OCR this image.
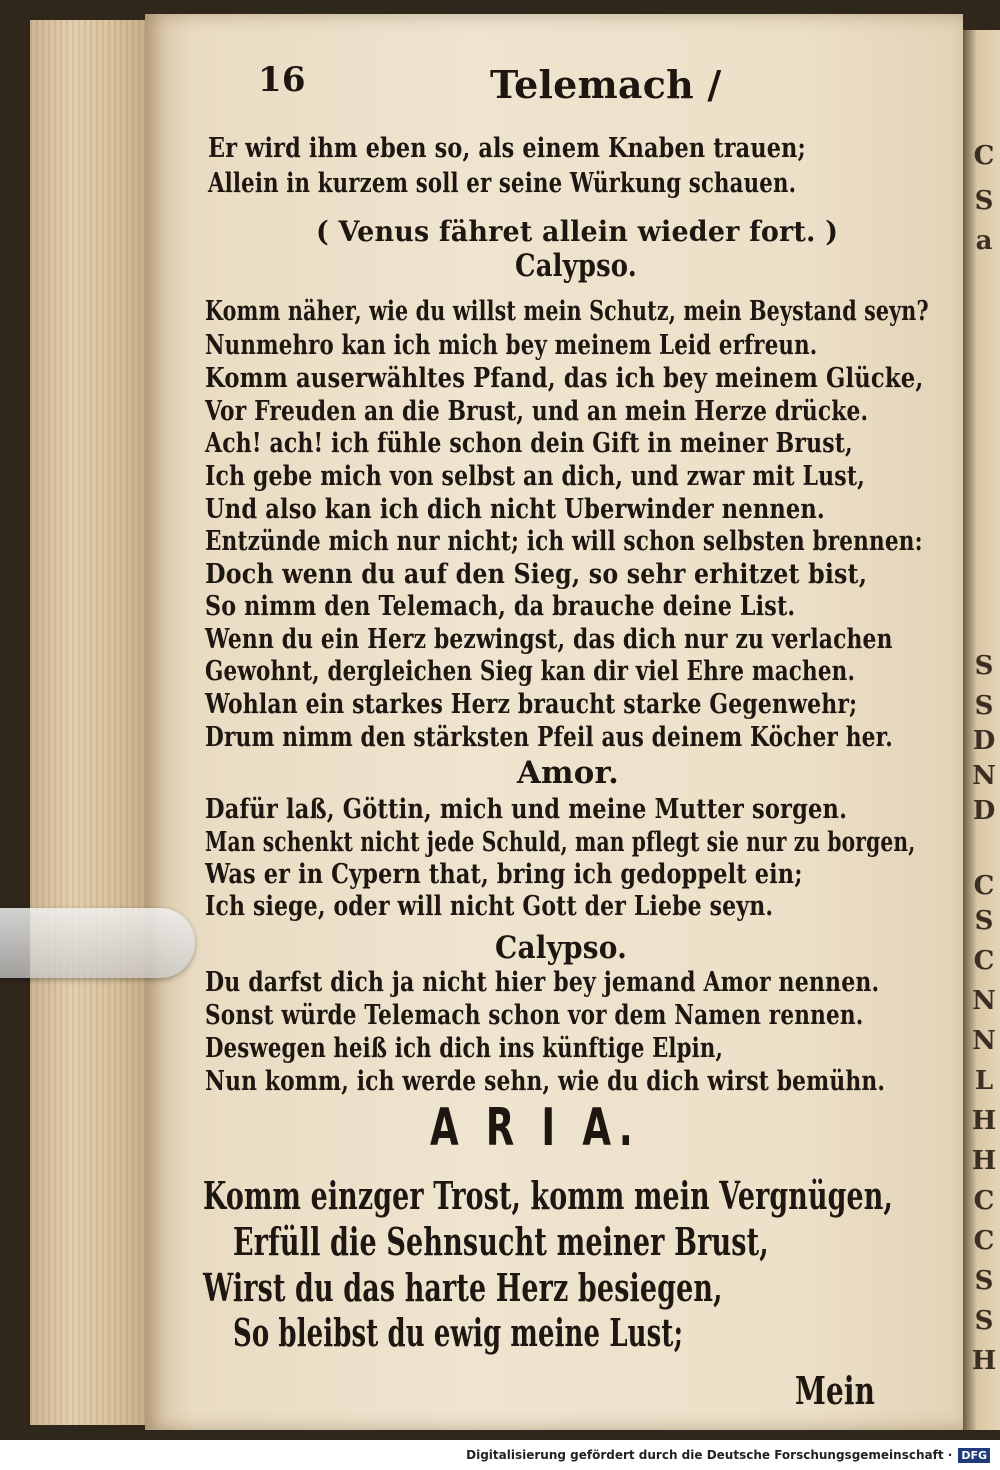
C
S
a
S
S
D
N
D
C
S
C
N
N
L
H
H
C
C
S
S
H
16	Telemach /
Er wird ihm eben so, als einem Knaben trauen;
Allein in kurzem soll er seine Würkung schauen.
( Venus fähret allein wieder fort. )
Calypso.
Komm näher, wie du willst mein Schutz, mein Beystand seyn?
Nunmehro kan ich mich bey meinem Leid erfreun.
Komm auserwähltes Pfand, das ich bey meinem Glücke,
Vor Freuden an die Brust, und an mein Herze drücke.
Ach! ach! ich fühle schon dein Gift in meiner Brust,
Ich gebe mich von selbst an dich, und zwar mit Lust,
Und also kan ich dich nicht Uberwinder nennen.
Entzünde mich nur nicht; ich will schon selbsten brennen:
Doch wenn du auf den Sieg, so sehr erhitzet bist,
So nimm den Telemach, da brauche deine List.
Wenn du ein Herz bezwingst, das dich nur zu verlachen
Gewohnt, dergleichen Sieg kan dir viel Ehre machen.
Wohlan ein starkes Herz braucht starke Gegenwehr;
Drum nimm den stärksten Pfeil aus deinem Köcher her.
Amor.
Dafür laß, Göttin, mich und meine Mutter sorgen.
Man schenkt nicht jede Schuld, man pflegt sie nur zu borgen,
Was er in Cypern that, bring ich gedoppelt ein;
Ich siege, oder will nicht Gott der Liebe seyn.
Calypso.
Du darfst dich ja nicht hier bey jemand Amor nennen.
Sonst würde Telemach schon vor dem Namen rennen.
Deswegen heiß ich dich ins künftige Elpin,
Nun komm, ich werde sehn, wie du dich wirst bemühn.
A R I A.
Komm einzger Trost, komm mein Vergnügen,
Erfüll die Sehnsucht meiner Brust,
Wirst du das harte Herz besiegen,
So bleibst du ewig meine Lust;
Mein
Digitalisierung gefördert durch die Deutsche Forschungsgemeinschaft · DFG
